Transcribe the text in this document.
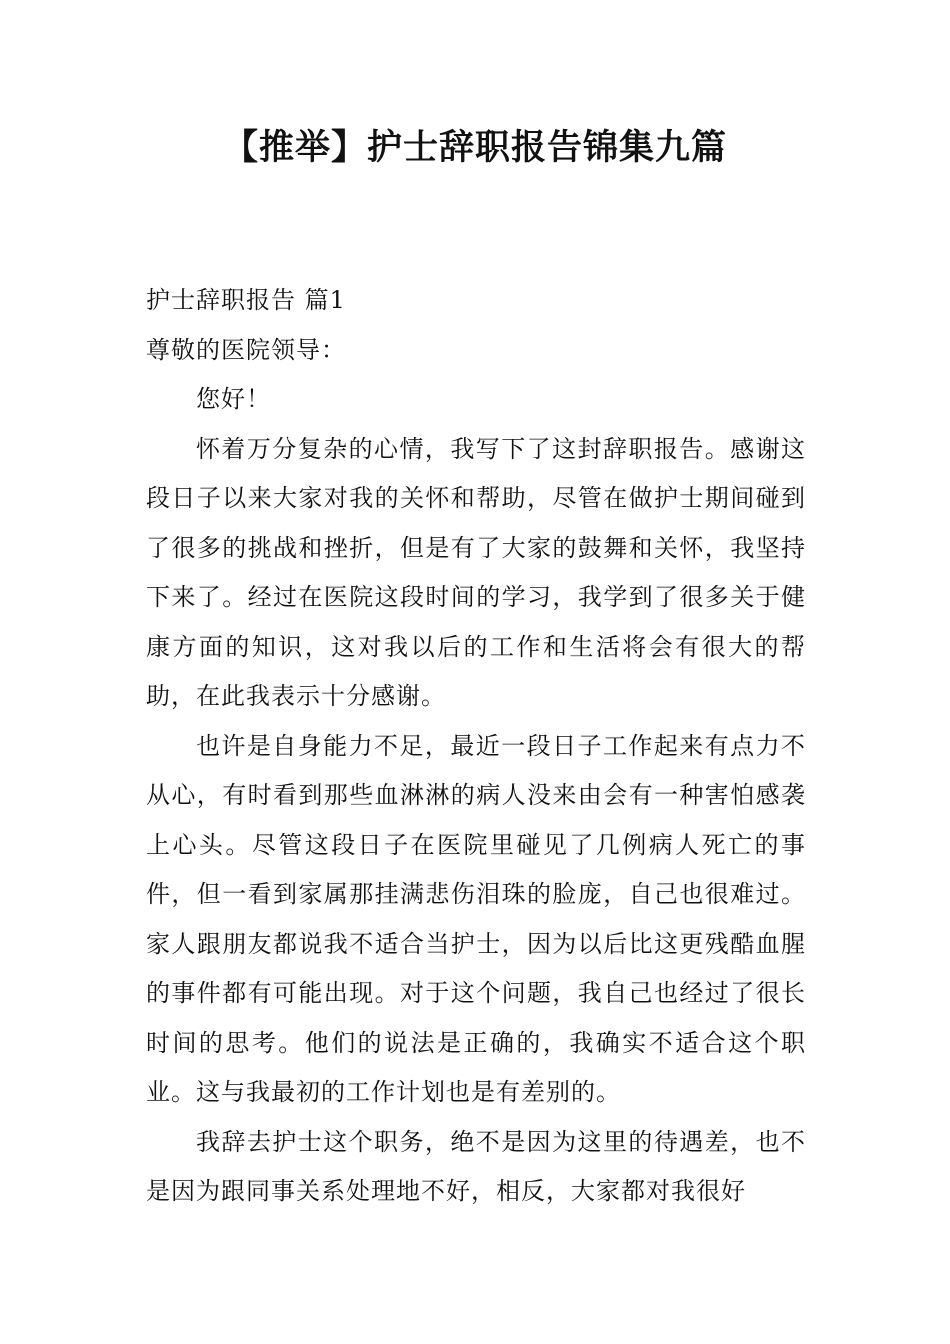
【推举】护士辞职报告锦集九篇

护士辞职报告 篇1

尊敬的医院领导：

您好！

怀着万分复杂的心情，我写下了这封辞职报告。感谢这段日子以来大家对我的关怀和帮助，尽管在做护士期间碰到了很多的挑战和挫折，但是有了大家的鼓舞和关怀，我坚持下来了。经过在医院这段时间的学习，我学到了很多关于健康方面的知识，这对我以后的工作和生活将会有很大的帮助，在此我表示十分感谢。

也许是自身能力不足，最近一段日子工作起来有点力不从心，有时看到那些血淋淋的病人没来由会有一种害怕感袭上心头。尽管这段日子在医院里碰见了几例病人死亡的事件，但一看到家属那挂满悲伤泪珠的脸庞，自己也很难过。家人跟朋友都说我不适合当护士，因为以后比这更残酷血腥的事件都有可能出现。对于这个问题，我自己也经过了很长时间的思考。他们的说法是正确的，我确实不适合这个职业。这与我最初的工作计划也是有差别的。

我辞去护士这个职务，绝不是因为这里的待遇差，也不是因为跟同事关系处理地不好，相反，大家都对我很好
